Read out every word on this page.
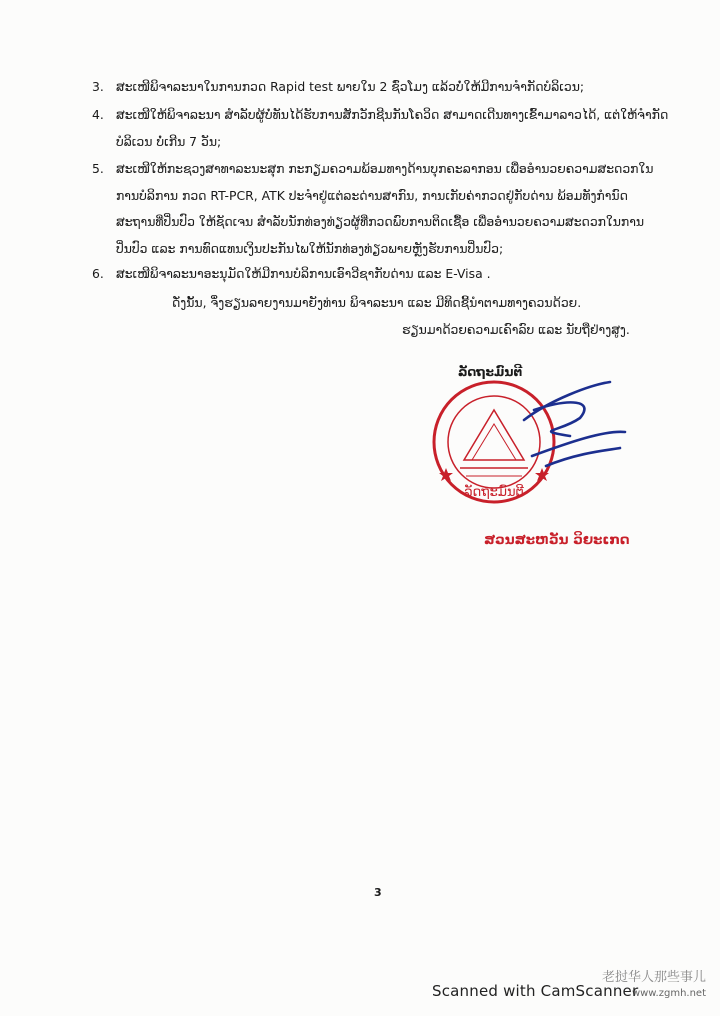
3. ສະເໜີພິຈາລະນາໃນການກວດ Rapid test ພາຍໃນ 2 ຊົ່ວໂມງ ແລ້ວບໍ່ໃຫ້ມີການຈຳກັດບໍລິເວນ;
4. ສະເໜີໃຫ້ພິຈາລະນາ ສຳລັບຜູ້ບໍ່ທັນໄດ້ຮັບການສັກວັກຊີນກັນໂຄວິດ ສາມາດເດີນທາງເຂົ້າມາລາວໄດ້, ແຕ່ໃຫ້ຈຳກັດ
ບໍລິເວນ ບໍ່ເກີນ 7 ວັນ;
5. ສະເໜີໃຫ້ກະຊວງສາທາລະນະສຸກ ກະກຽມຄວາມພ້ອມທາງດ້ານບຸກຄະລາກອນ ເພື່ອອຳນວຍຄວາມສະດວກໃນ
ການບໍລິການ ກວດ RT-PCR, ATK ປະຈຳຢູ່ແຕ່ລະດ່ານສາກົນ, ການເກັບຄ່າກວດຢູ່ກັບດ່ານ ພ້ອມທັງກຳນົດ
ສະຖານທີ່ປິ່ນປົວ ໃຫ້ຊັດເຈນ ສຳລັບນັກທ່ອງທ່ຽວຜູ້ທີ່ກວດພົບການຕິດເຊື້ອ ເພື່ອອຳນວຍຄວາມສະດວກໃນການ
ປິ່ນປົວ ແລະ ການທົດແທນເງິນປະກັນໄພໃຫ້ນັກທ່ອງທ່ຽວພາຍຫຼັງຮັບການປິ່ນປົວ;
6. ສະເໜີພິຈາລະນາອະນຸມັດໃຫ້ມີການບໍລິການເອົາວີຊາກັບດ່ານ ແລະ E-Visa .
ດັ່ງນັ້ນ, ຈຶ່ງຮຽນລາຍງານມາຍັງທ່ານ ພິຈາລະນາ ແລະ ມີທິດຊີ້ນຳຕາມທາງຄວນດ້ວຍ.
ຮຽນມາດ້ວຍຄວາມເຄົາລົບ ແລະ ນັບຖືຢ່າງສູງ.
ລັດຖະມົນຕີ
ລັດຖະມົນຕີ
ສວນສະຫວັນ ວິຍະເກດ
3
老挝华人那些事儿
www.zgmh.net
Scanned with CamScanner
